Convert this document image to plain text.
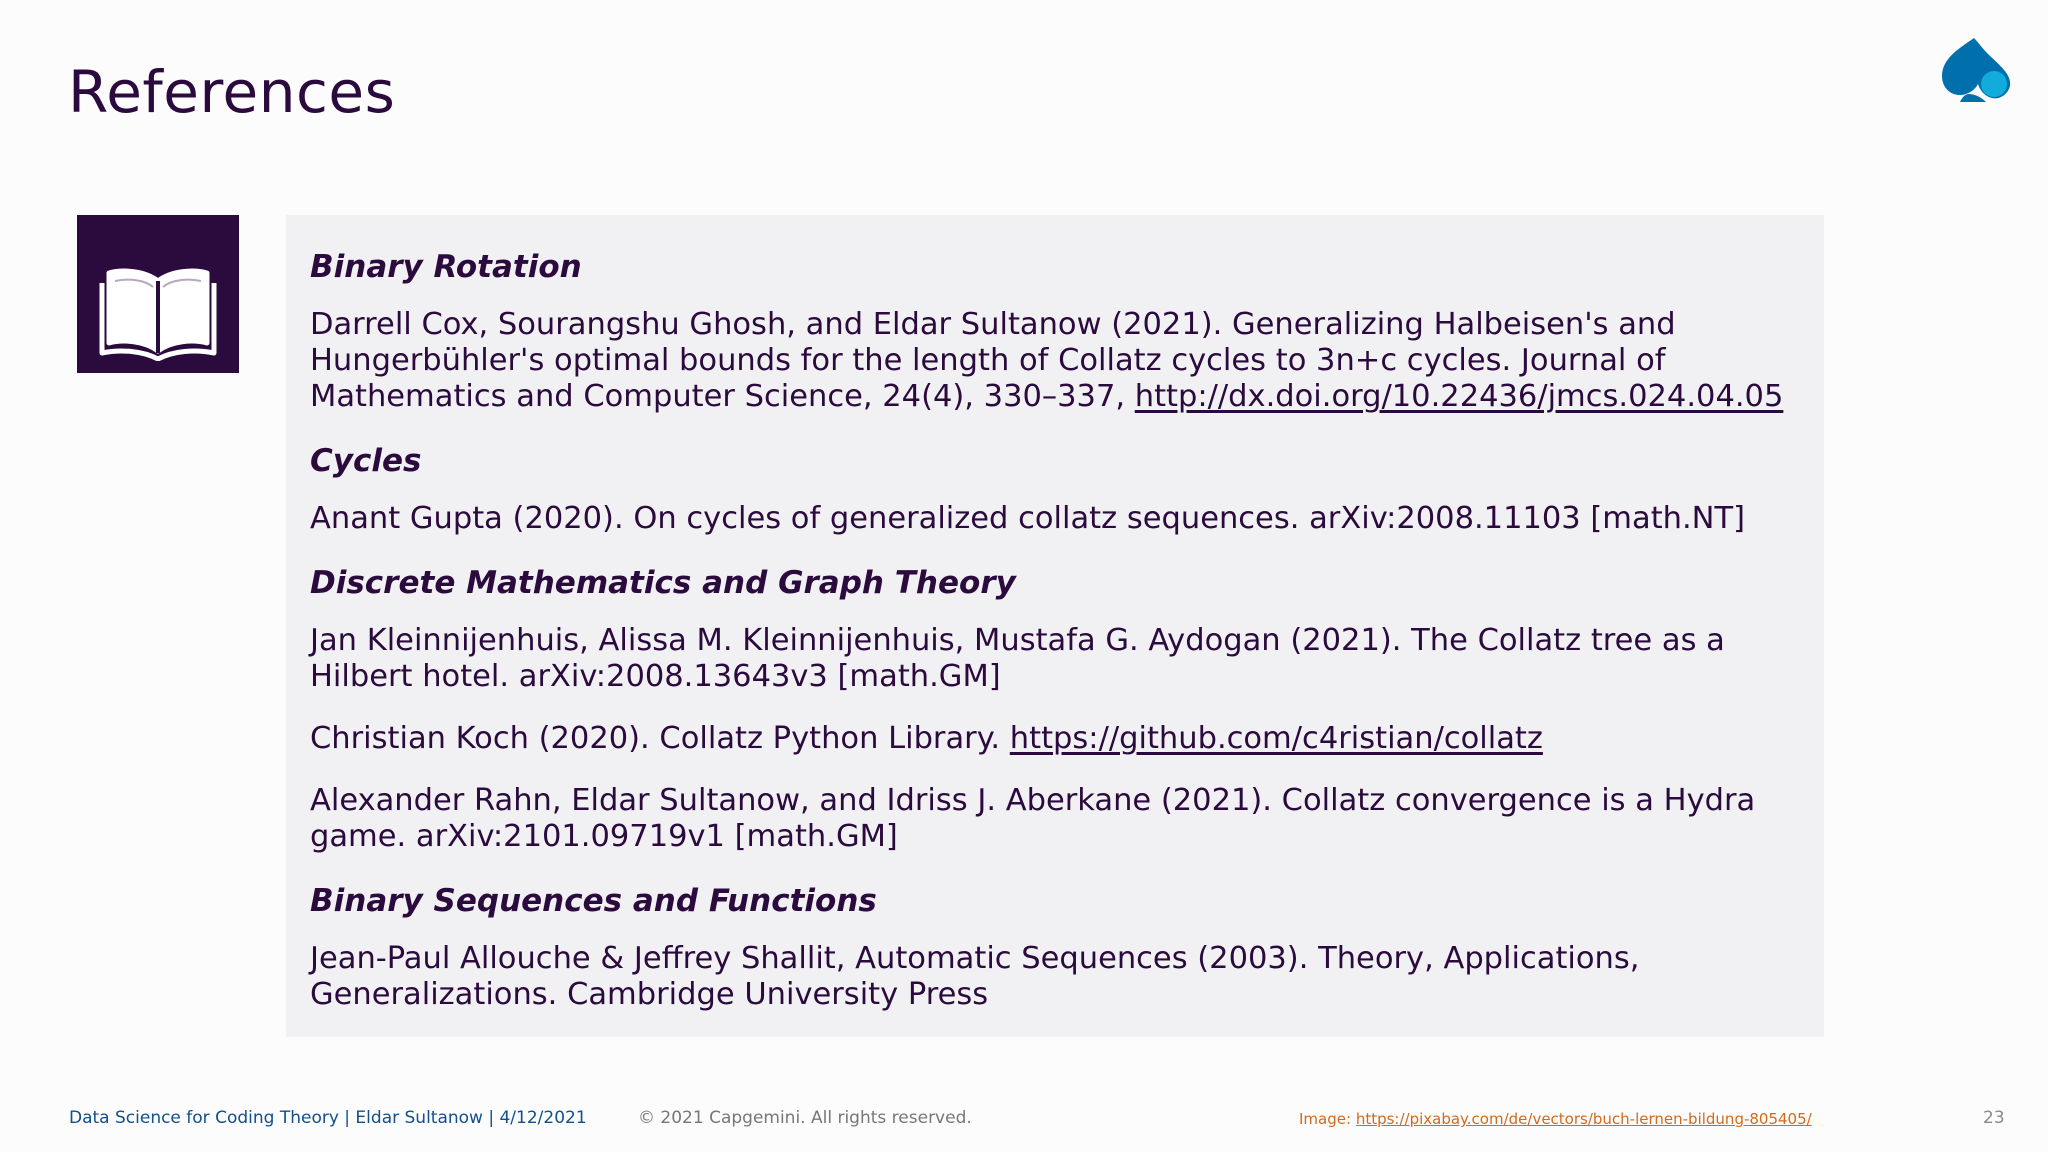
References
Binary Rotation
Darrell Cox, Sourangshu Ghosh, and Eldar Sultanow (2021). Generalizing Halbeisen's and Hungerbühler's optimal bounds for the length of Collatz cycles to 3n+c cycles. Journal of Mathematics and Computer Science, 24(4), 330–337, http://dx.doi.org/10.22436/jmcs.024.04.05
Cycles
Anant Gupta (2020). On cycles of generalized collatz sequences. arXiv:2008.11103 [math.NT]
Discrete Mathematics and Graph Theory
Jan Kleinnijenhuis, Alissa M. Kleinnijenhuis, Mustafa G. Aydogan (2021). The Collatz tree as a Hilbert hotel. arXiv:2008.13643v3 [math.GM]
Christian Koch (2020). Collatz Python Library. https://github.com/c4ristian/collatz
Alexander Rahn, Eldar Sultanow, and Idriss J. Aberkane (2021). Collatz convergence is a Hydra game. arXiv:2101.09719v1 [math.GM]
Binary Sequences and Functions
Jean-Paul Allouche & Jeffrey Shallit, Automatic Sequences (2003). Theory, Applications, Generalizations. Cambridge University Press
Data Science for Coding Theory | Eldar Sultanow | 4/12/2021	© 2021 Capgemini. All rights reserved.	Image: https://pixabay.com/de/vectors/buch-lernen-bildung-805405/	23
